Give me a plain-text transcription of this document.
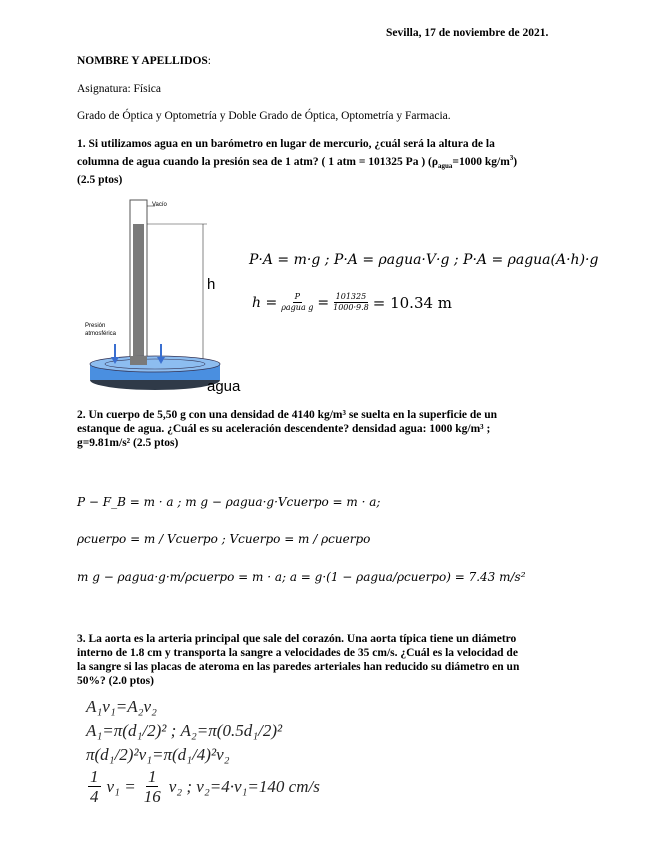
Sevilla, 17 de noviembre de 2021.
NOMBRE Y APELLIDOS:
Asignatura: Física
Grado de Óptica y Optometría y Doble Grado de Óptica, Optometría y Farmacia.
1. Si utilizamos agua en un barómetro en lugar de mercurio, ¿cuál será la altura de la
columna de agua cuando la presión sea de 1 atm? ( 1 atm = 101325 Pa ) ($\rho_{agua}=1000$ $kg/m^3$)
(2.5 ptos)
Vacío
h
Presión
atmosférica
agua
P·A = m·g ; P·A = ρagua·V·g ; P·A = ρagua(A·h)·g
$h = \frac{P}{\text{ρagua g}} = \frac{101325}{1000\cdot 9.8} = 10.34$ m
2. Un cuerpo de 5,50 g con una densidad de 4140 kg/m³ se suelta en la superficie de un
estanque de agua. ¿Cuál es su aceleración descendente? densidad agua: 1000 kg/m³ ;
g=9.81m/s² (2.5 ptos)
P − F_B = m · a ; m g − ρagua·g·Vcuerpo = m · a;
ρcuerpo = m / Vcuerpo ; Vcuerpo = m / ρcuerpo
m g − ρagua·g·m/ρcuerpo = m · a; a = g·(1 − ρagua/ρcuerpo) = 7.43 m/s²
3. La aorta es la arteria principal que sale del corazón. Una aorta típica tiene un diámetro
interno de 1.8 cm y transporta la sangre a velocidades de 35 cm/s. ¿Cuál es la velocidad de
la sangre si las placas de ateroma en las paredes arteriales han reducido su diámetro en un
50%? (2.0 ptos)
A₁v₁=A₂v₂
A₁=π(d₁/2)² ; A₂=π(0.5d₁/2)²
π(d₁/2)²v₁=π(d₁/4)²v₂
$\frac{1}{4} v_1 = \frac{1}{16} v_2$ ; v₂=4·v₁=140 cm/s
